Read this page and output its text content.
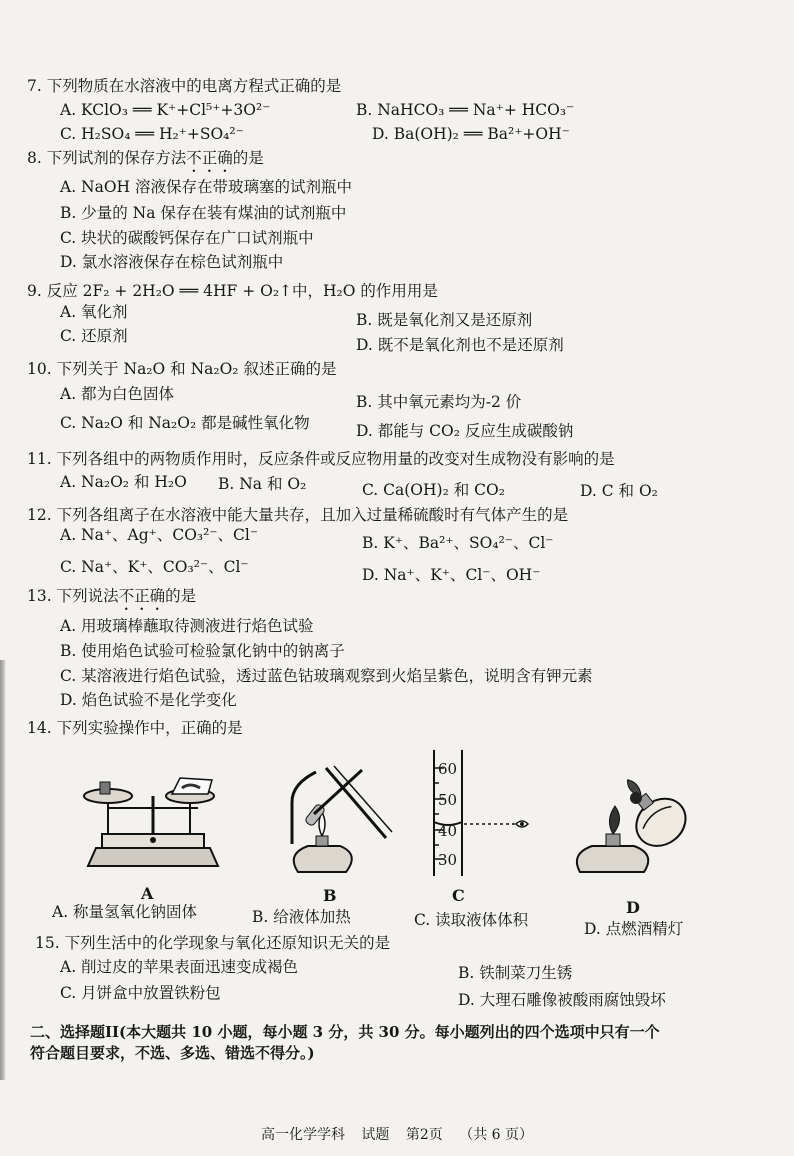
7. 下列物质在水溶液中的电离方程式正确的是
A. KClO₃ ══ K⁺+Cl⁵⁺+3O²⁻	B. NaHCO₃ ══ Na⁺+ HCO₃⁻
C. H₂SO₄ ══ H₂⁺+SO₄²⁻	D. Ba(OH)₂ ══ Ba²⁺+OH⁻
8. 下列试剂的保存方法不正确的是
A. NaOH 溶液保存在带玻璃塞的试剂瓶中
B. 少量的 Na 保存在装有煤油的试剂瓶中
C. 块状的碳酸钙保存在广口试剂瓶中
D. 氯水溶液保存在棕色试剂瓶中
9. 反应 2F₂ + 2H₂O ══ 4HF + O₂↑中，H₂O 的作用用是
A. 氧化剂	B. 既是氧化剂又是还原剂
C. 还原剂	D. 既不是氧化剂也不是还原剂
10. 下列关于 Na₂O 和 Na₂O₂ 叙述正确的是
A. 都为白色固体	B. 其中氧元素均为-2 价
C. Na₂O 和 Na₂O₂ 都是碱性氧化物	D. 都能与 CO₂ 反应生成碳酸钠
11. 下列各组中的两物质作用时，反应条件或反应物用量的改变对生成物没有影响的是
A. Na₂O₂ 和 H₂O B. Na 和 O₂	C. Ca(OH)₂ 和 CO₂	D. C 和 O₂
12. 下列各组离子在水溶液中能大量共存，且加入过量稀硫酸时有气体产生的是
A. Na⁺、Ag⁺、CO₃²⁻、Cl⁻	B. K⁺、Ba²⁺、SO₄²⁻、Cl⁻
C. Na⁺、K⁺、CO₃²⁻、Cl⁻	D. Na⁺、K⁺、Cl⁻、OH⁻
13. 下列说法不正确的是
A. 用玻璃棒蘸取待测液进行焰色试验
B. 使用焰色试验可检验氯化钠中的钠离子
C. 某溶液进行焰色试验，透过蓝色钴玻璃观察到火焰呈紫色，说明含有钾元素
D. 焰色试验不是化学变化
14. 下列实验操作中，正确的是
A	B
60
50
40
30
C
D
A. 称量氢氧化钠固体	B. 给液体加热	C. 读取液体体积	D. 点燃酒精灯
15. 下列生活中的化学现象与氧化还原知识无关的是
A. 削过皮的苹果表面迅速变成褐色	B. 铁制菜刀生锈
C. 月饼盒中放置铁粉包	D. 大理石雕像被酸雨腐蚀毁坏
二、选择题II(本大题共 10 小题，每小题 3 分，共 30 分。每小题列出的四个选项中只有一个
符合题目要求，不选、多选、错选不得分。)
高一化学学科 试题 第2页 （共 6 页）
